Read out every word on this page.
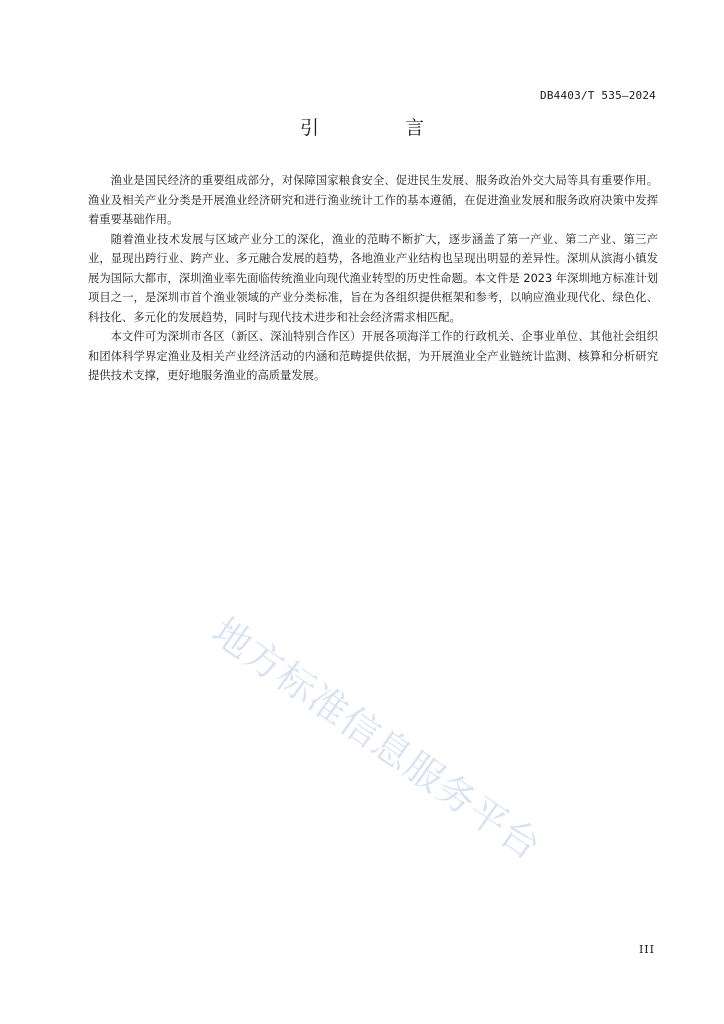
DB4403/T 535—2024
引 言

渔业是国民经济的重要组成部分，对保障国家粮食安全、促进民生发展、服务政治外交大局等具有重要作用。渔业及相关产业分类是开展渔业经济研究和进行渔业统计工作的基本遵循，在促进渔业发展和服务政府决策中发挥着重要基础作用。

随着渔业技术发展与区域产业分工的深化，渔业的范畴不断扩大，逐步涵盖了第一产业、第二产业、第三产业，显现出跨行业、跨产业、多元融合发展的趋势，各地渔业产业结构也呈现出明显的差异性。深圳从滨海小镇发展为国际大都市，深圳渔业率先面临传统渔业向现代渔业转型的历史性命题。本文件是 2023 年深圳地方标准计划项目之一，是深圳市首个渔业领域的产业分类标准，旨在为各组织提供框架和参考，以响应渔业现代化、绿色化、科技化、多元化的发展趋势，同时与现代技术进步和社会经济需求相匹配。

本文件可为深圳市各区（新区、深汕特别合作区）开展各项海洋工作的行政机关、企事业单位、其他社会组织和团体科学界定渔业及相关产业经济活动的内涵和范畴提供依据，为开展渔业全产业链统计监测、核算和分析研究提供技术支撑，更好地服务渔业的高质量发展。

地方标准信息服务平台
III
